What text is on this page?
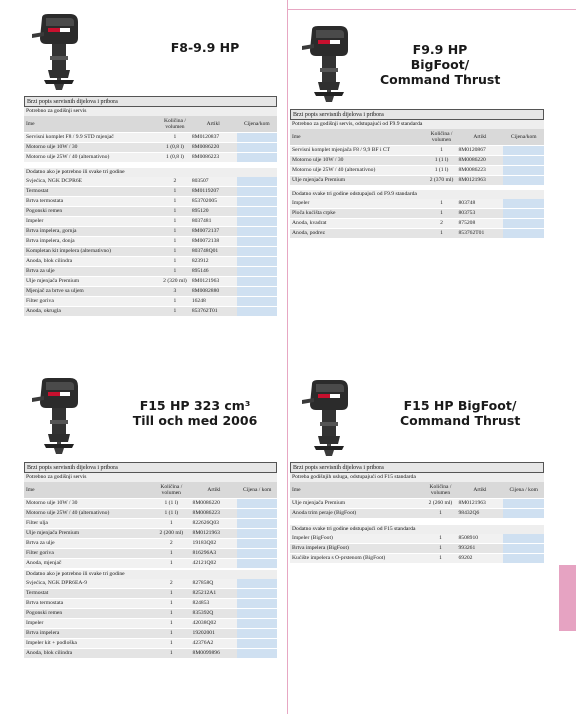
F8-9.9 HP
Brzi popis servisnih dijelova i pribora
Potrebno za godišnji servis
Ime	Količina / volumen	Artikl	Cijena/kom
Servisni komplet F8 / 9.9 STD mjenjač	1	8M0120837	
Motorno ulje 10W / 30	1 (0,8 l)	8M0086220	
Motorno ulje 25W / 40 (alternativno)	1 (0,8 l)	8M0086223	
Dodatno ako je potrebno ili svake tri godine
Svjećica, NGK DCPR6E	2	803507	
Termostat	1	8M0119207	
Brtva termostata	1	853702005	
Pogonski remen	1	895120	
Impeler	1	8037481	
Brtva impelera, gornja	1	8M0072137	
Brtva impelera, donja	1	8M0072138	
Kompletan kit impelera (alternativno)	1	803748Q01	
Anoda, blok cilindra	1	823912	
Brtva za ulje	1	895146	
Ulje mjenjača Premium	2 (320 ml)	8M0121963	
Mjenjač za brtve sa uljem	3	8M0082880	
Filter goriva	1	16248	
Anoda, okrugla	1	853762T01	
F9.9 HP
BigFoot/
Command Thrust
Brzi popis servisnih dijelova i pribora
Potrebno za godišnji servis, odstupajući od F9.9 standarda
Ime	Količina / volumen	Artikl	Cijena/kom
Servisni komplet mjenjača F8 / 9,9 BF i CT	1	8M0120867	
Motorno ulje 10W / 30	1 (1 l)	8M0086220	
Motorno ulje 25W / 40 (alternativno)	1 (1 l)	8M0086223	
Ulje mjenjača Premium	2 (370 ml)	8M0121963	
Dodatno svake tri godine odstupajući od F9.9 standarda
Impeler	1	803748	
Ploča kućišta crpke	1	803753	
Anoda, kvadrat	2	875208	
Anoda, podrez	1	853762T01	
F15 HP 323 cm³
Till och med 2006
Brzi popis servisnih dijelova i pribora
Potrebno za godišnji servis
Ime	Količina / volumen	Artikl	Cijena / kom
Motorno ulje 10W / 30	1 (1 l)	8M0086220	
Motorno ulje 25W / 40 (alternativno)	1 (1 l)	8M0086223	
Filter ulja	1	822626Q03	
Ulje mjenjača Premium	2 (200 ml)	8M0121963	
Brtva za ulje	2	19183Q02	
Filter goriva	1	816296A3	
Anoda, mjenjač	1	42121Q02	
Dodatno ako je potrebno ili svake tri godine
Svjećica, NGK DPR6EA-9	2	827858Q	
Termostat	1	825212A1	
Brtva termostata	1	824853	
Pogonski remen	1	835392Q	
Impeler	1	42038Q02	
Brtva impelera	1	19202001	
Impeler kit + podloška	1	42376A2	
Anoda, blok cilindra	1	8M0099896	
F15 HP BigFoot/
Command Thrust
Brzi popis servisnih dijelova i pribora
Potreba godišnjih usluga, odstupajući od F15 standarda
Ime	Količina / volumen	Artikl	Cijena / kom
Ulje mjenjača Premium	2 (260 ml)	8M0121963	
Anoda trim peraje (BigFoot)	1	98432Q6	
Dodatno svake tri godine odstupajući od F15 standarda
Impeler (BigFoot)	1	8508910	
Brtva impelera (BigFoot)	1	993261	
Kućište impelera s O-prstenom (BigFoot)	1	69202	
